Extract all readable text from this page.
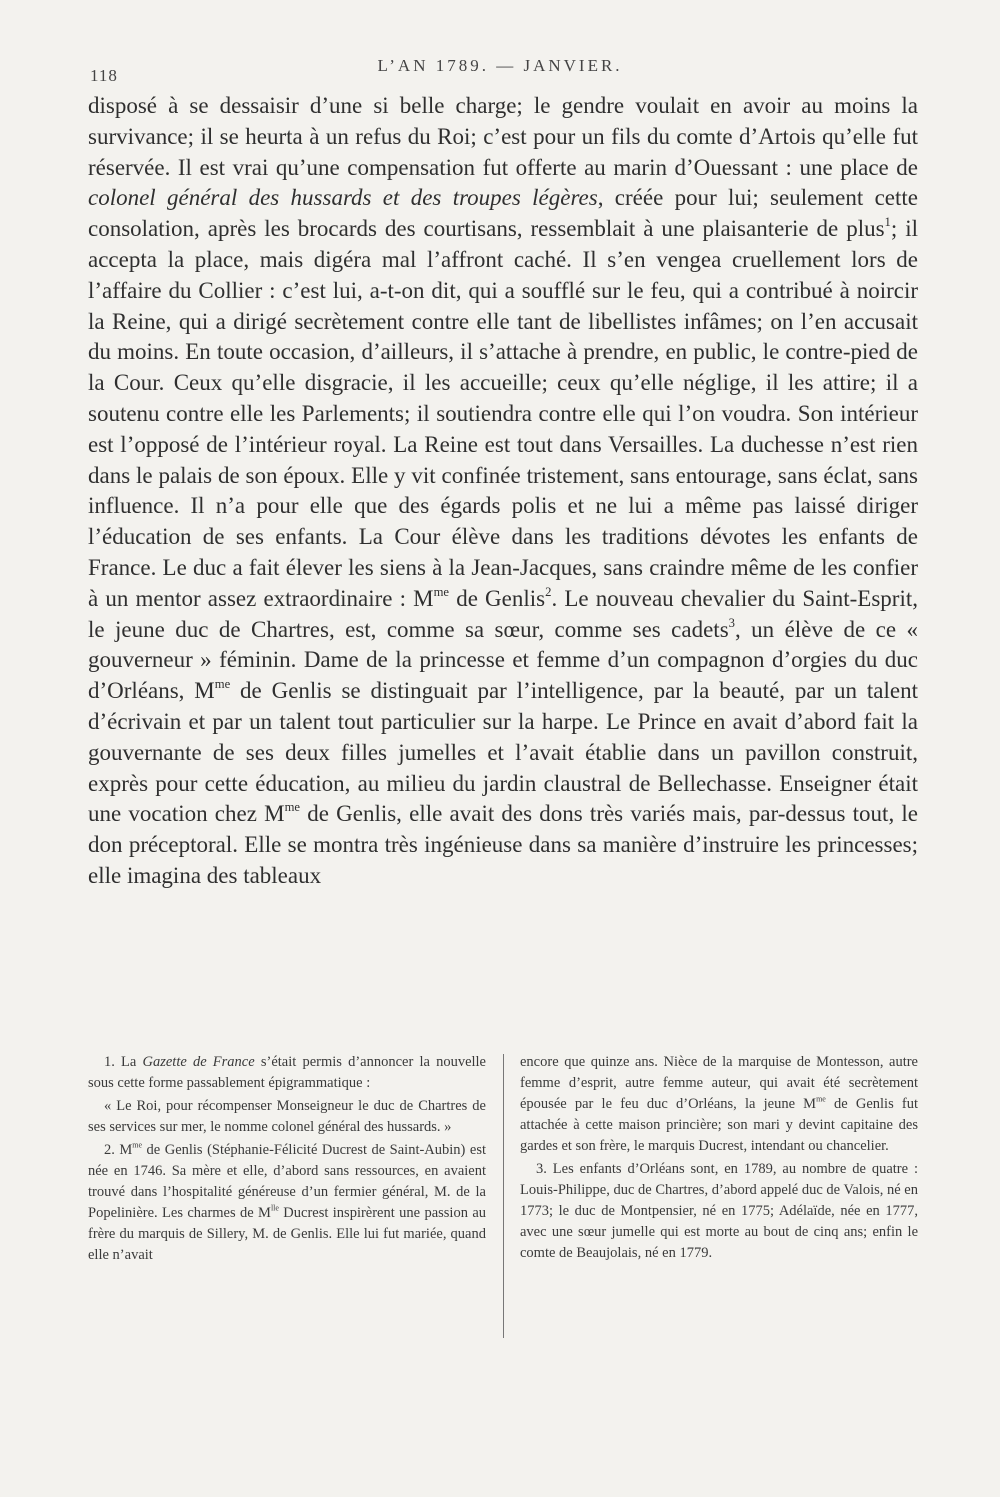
118
L’AN 1789. — JANVIER.

disposé à se dessaisir d’une si belle charge; le gendre voulait en avoir au moins la survivance; il se heurta à un refus du Roi; c’est pour un fils du comte d’Artois qu’elle fut réservée. Il est vrai qu’une compensation fut offerte au marin d’Ouessant : une place de colonel général des hussards et des troupes légères, créée pour lui; seulement cette consolation, après les brocards des courtisans, ressemblait à une plaisanterie de plus$^1$; il accepta la place, mais digéra mal l’affront caché. Il s’en vengea cruellement lors de l’affaire du Collier : c’est lui, a-t-on dit, qui a soufflé sur le feu, qui a contribué à noircir la Reine, qui a dirigé secrètement contre elle tant de libellistes infâmes; on l’en accusait du moins. En toute occasion, d’ailleurs, il s’attache à prendre, en public, le contre-pied de la Cour. Ceux qu’elle disgracie, il les accueille; ceux qu’elle néglige, il les attire; il a soutenu contre elle les Parlements; il soutiendra contre elle qui l’on voudra. Son intérieur est l’opposé de l’intérieur royal. La Reine est tout dans Versailles. La duchesse n’est rien dans le palais de son époux. Elle y vit confinée tristement, sans entourage, sans éclat, sans influence. Il n’a pour elle que des égards polis et ne lui a même pas laissé diriger l’éducation de ses enfants. La Cour élève dans les traditions dévotes les enfants de France. Le duc a fait élever les siens à la Jean-Jacques, sans craindre même de les confier à un mentor assez extraordinaire : $M^{me}$ de Genlis$^2$. Le nouveau chevalier du Saint-Esprit, le jeune duc de Chartres, est, comme sa sœur, comme ses cadets$^3$, un élève de ce « gouverneur » féminin. Dame de la princesse et femme d’un compagnon d’orgies du duc d’Orléans, $M^{me}$ de Genlis se distinguait par l’intelligence, par la beauté, par un talent d’écrivain et par un talent tout particulier sur la harpe. Le Prince en avait d’abord fait la gouvernante de ses deux filles jumelles et l’avait établie dans un pavillon construit, exprès pour cette éducation, au milieu du jardin claustral de Bellechasse. Enseigner était une vocation chez $M^{me}$ de Genlis, elle avait des dons très variés mais, par-dessus tout, le don préceptoral. Elle se montra très ingénieuse dans sa manière d’instruire les princesses; elle imagina des tableaux

1. La Gazette de France s’était permis d’annoncer la nouvelle sous cette forme passablement épigrammatique :

« Le Roi, pour récompenser Monseigneur le duc de Chartres de ses services sur mer, le nomme colonel général des hussards. »

2. $M^{me}$ de Genlis (Stéphanie-Félicité Ducrest de Saint-Aubin) est née en 1746. Sa mère et elle, d’abord sans ressources, en avaient trouvé dans l’hospitalité généreuse d’un fermier général, M. de la Popelinière. Les charmes de $M^{lle}$ Ducrest inspirèrent une passion au frère du marquis de Sillery, M. de Genlis. Elle lui fut mariée, quand elle n’avait

encore que quinze ans. Nièce de la marquise de Montesson, autre femme d’esprit, autre femme auteur, qui avait été secrètement épousée par le feu duc d’Orléans, la jeune $M^{me}$ de Genlis fut attachée à cette maison princière; son mari y devint capitaine des gardes et son frère, le marquis Ducrest, intendant ou chancelier.

3. Les enfants d’Orléans sont, en 1789, au nombre de quatre : Louis-Philippe, duc de Chartres, d’abord appelé duc de Valois, né en 1773; le duc de Montpensier, né en 1775; Adélaïde, née en 1777, avec une sœur jumelle qui est morte au bout de cinq ans; enfin le comte de Beaujolais, né en 1779.
